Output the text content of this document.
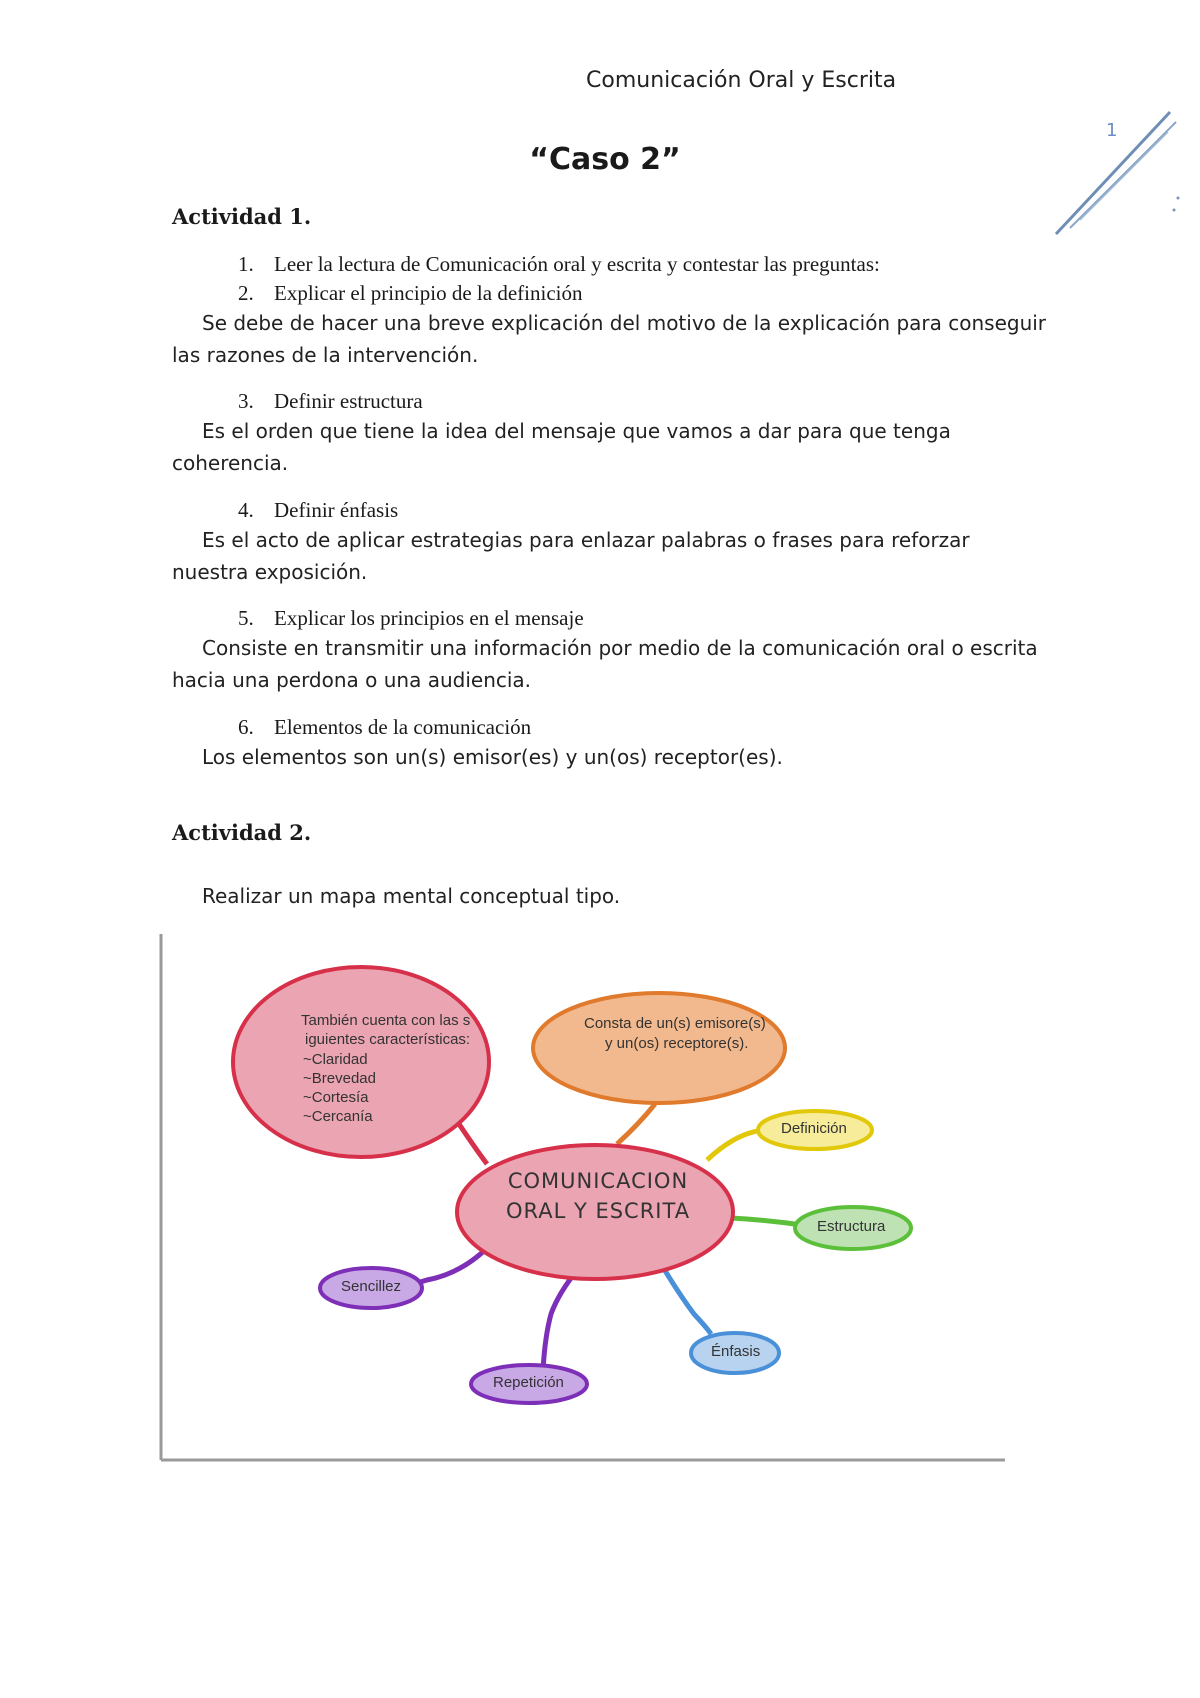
Comunicación Oral y Escrita
1
“Caso 2”
Actividad 1.
1. Leer la lectura de Comunicación oral y escrita y contestar las preguntas:
2. Explicar el principio de la definición
Se debe de hacer una breve explicación del motivo de la explicación para conseguir las razones de la intervención.
3. Definir estructura
Es el orden que tiene la idea del mensaje que vamos a dar para que tenga coherencia.
4. Definir énfasis
Es el acto de aplicar estrategias para enlazar palabras o frases para reforzar nuestra exposición.
5. Explicar los principios en el mensaje
Consiste en transmitir una información por medio de la comunicación oral o escrita hacia una perdona o una audiencia.
6. Elementos de la comunicación
Los elementos son un(s) emisor(es) y un(os) receptor(es).
Actividad 2.
Realizar un mapa mental conceptual tipo.
También cuenta con las s
iguientes características:
~Claridad
~Brevedad
~Cortesía
~Cercanía
Consta de un(s) emisore(s)
y un(os) receptore(s).
COMUNICACION
ORAL Y ESCRITA
Definición
Estructura
Énfasis
Repetición
Sencillez
